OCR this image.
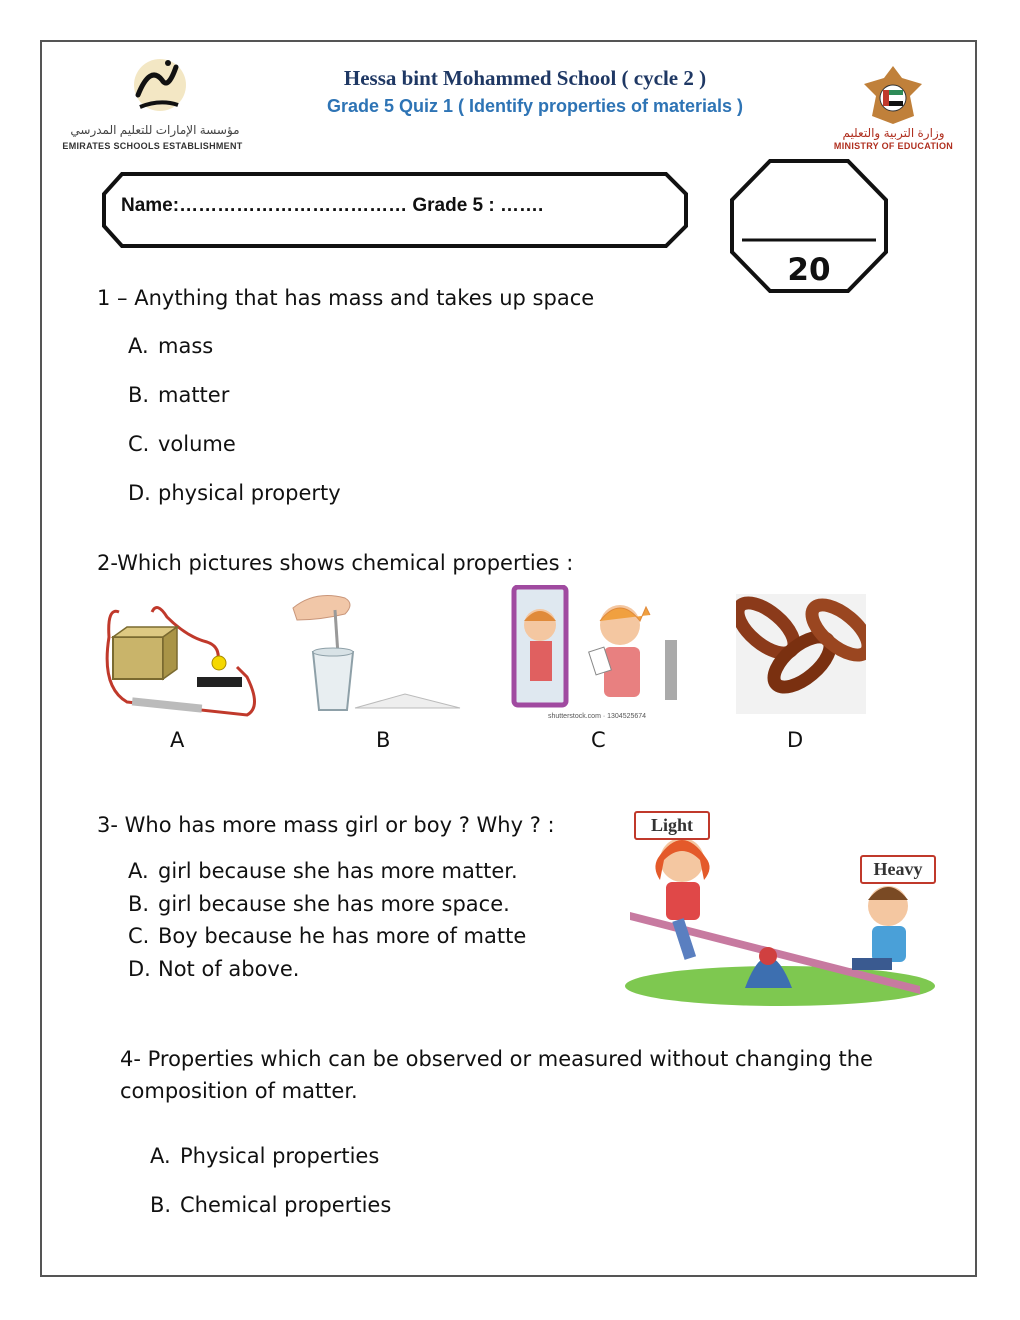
مؤسسة الإمارات للتعليم المدرسي
EMIRATES SCHOOLS ESTABLISHMENT
Hessa bint Mohammed School ( cycle 2 )
Grade 5 Quiz 1 ( Identify properties of materials )
وزارة التربية والتعليم
MINISTRY OF EDUCATION
Name:……………………………… Grade 5 : …….
20
1 – Anything that has mass and takes up space
A. mass
B. matter
C. volume
D. physical property
2-Which pictures shows chemical properties :
A	B
shutterstock.com · 1304525674
C	D
3- Who has more mass girl or boy ? Why ? :
A. girl because she has more matter.
B. girl because she has more space.
C. Boy because he has more of matte
D. Not of above.
Light
Heavy
4- Properties which can be observed or measured without changing the
composition of matter.
A. Physical properties
B. Chemical properties
